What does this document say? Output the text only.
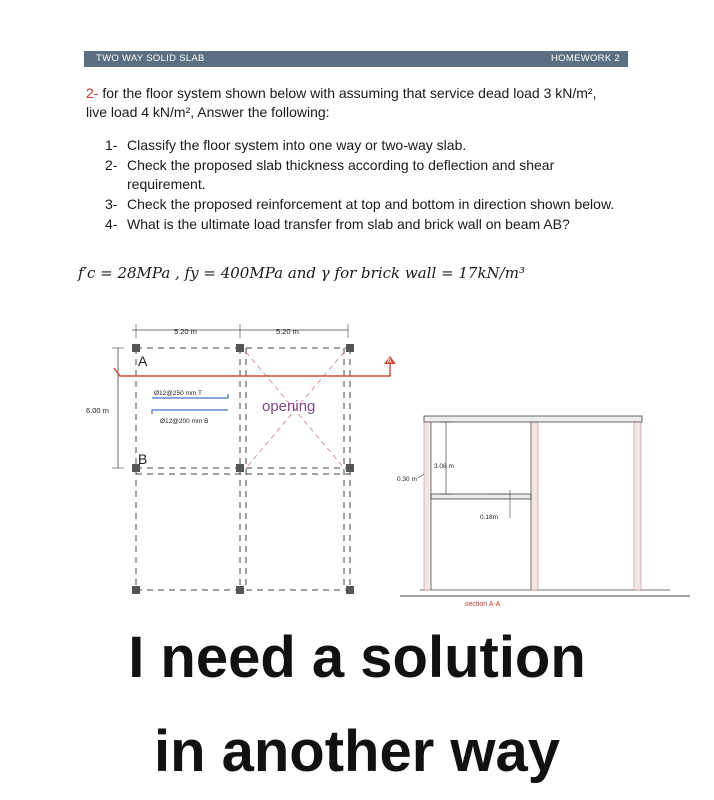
TWO WAY SOLID SLAB	HOMEWORK 2
2- for the floor system shown below with assuming that service dead load 3 kN/m², live load 4 kN/m², Answer the following:
1- Classify the floor system into one way or two-way slab.
2- Check the proposed slab thickness according to deflection and shear requirement.
3- Check the proposed reinforcement at top and bottom in direction shown below.
4- What is the ultimate load transfer from slab and brick wall on beam AB?
f′c = 28MPa , fy = 400MPa and γ for brick wall = 17kN/m³
5.20 m	5.20 m
6.00 m
A
B
Ø12@250 mm T
Ø12@200 mm B
opening
A
3.08 m
0.30 m
0.18m
section A-A
I need a solution
in another way
